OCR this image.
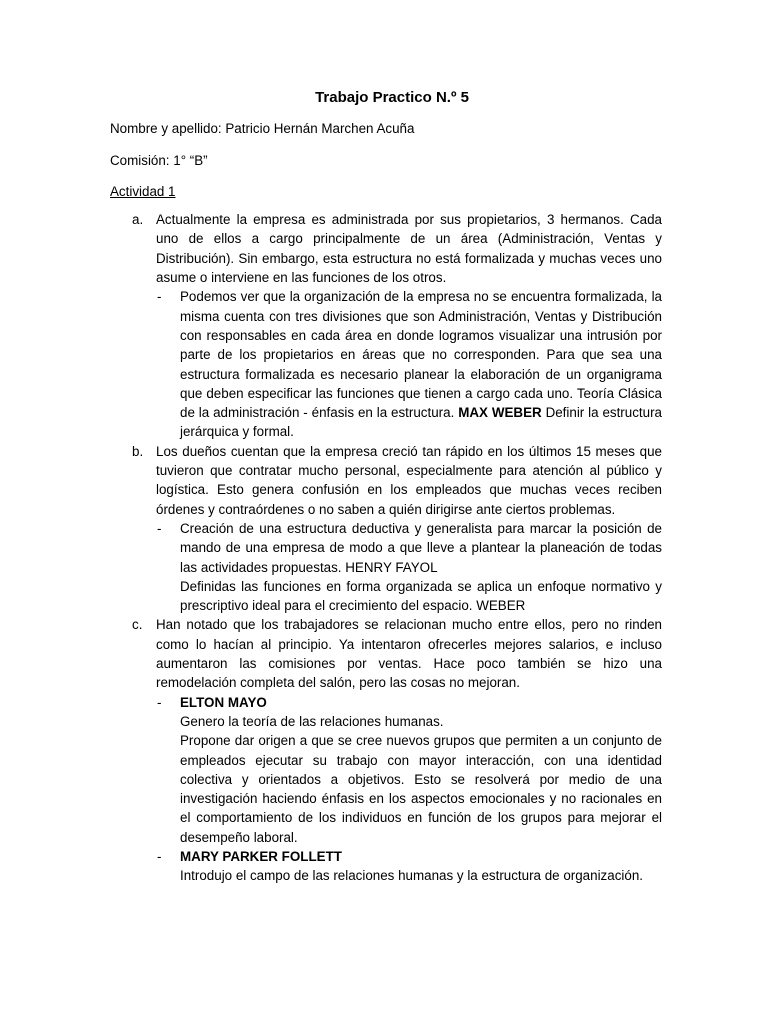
Trabajo Practico N.º 5
Nombre y apellido: Patricio Hernán Marchen Acuña
Comisión: 1° “B”
Actividad 1
a. Actualmente la empresa es administrada por sus propietarios, 3 hermanos. Cada uno de ellos a cargo principalmente de un área (Administración, Ventas y Distribución). Sin embargo, esta estructura no está formalizada y muchas veces uno asume o interviene en las funciones de los otros.
- Podemos ver que la organización de la empresa no se encuentra formalizada, la misma cuenta con tres divisiones que son Administración, Ventas y Distribución con responsables en cada área en donde logramos visualizar una intrusión por parte de los propietarios en áreas que no corresponden. Para que sea una estructura formalizada es necesario planear la elaboración de un organigrama que deben especificar las funciones que tienen a cargo cada uno. Teoría Clásica de la administración - énfasis en la estructura. MAX WEBER Definir la estructura jerárquica y formal.
b. Los dueños cuentan que la empresa creció tan rápido en los últimos 15 meses que tuvieron que contratar mucho personal, especialmente para atención al público y logística. Esto genera confusión en los empleados que muchas veces reciben órdenes y contraórdenes o no saben a quién dirigirse ante ciertos problemas.
- Creación de una estructura deductiva y generalista para marcar la posición de mando de una empresa de modo a que lleve a plantear la planeación de todas las actividades propuestas. HENRY FAYOL
Definidas las funciones en forma organizada se aplica un enfoque normativo y prescriptivo ideal para el crecimiento del espacio. WEBER
c. Han notado que los trabajadores se relacionan mucho entre ellos, pero no rinden como lo hacían al principio. Ya intentaron ofrecerles mejores salarios, e incluso aumentaron las comisiones por ventas. Hace poco también se hizo una remodelación completa del salón, pero las cosas no mejoran.
- ELTON MAYO
Genero la teoría de las relaciones humanas.
Propone dar origen a que se cree nuevos grupos que permiten a un conjunto de empleados ejecutar su trabajo con mayor interacción, con una identidad colectiva y orientados a objetivos. Esto se resolverá por medio de una investigación haciendo énfasis en los aspectos emocionales y no racionales en el comportamiento de los individuos en función de los grupos para mejorar el desempeño laboral.
- MARY PARKER FOLLETT
Introdujo el campo de las relaciones humanas y la estructura de organización.
